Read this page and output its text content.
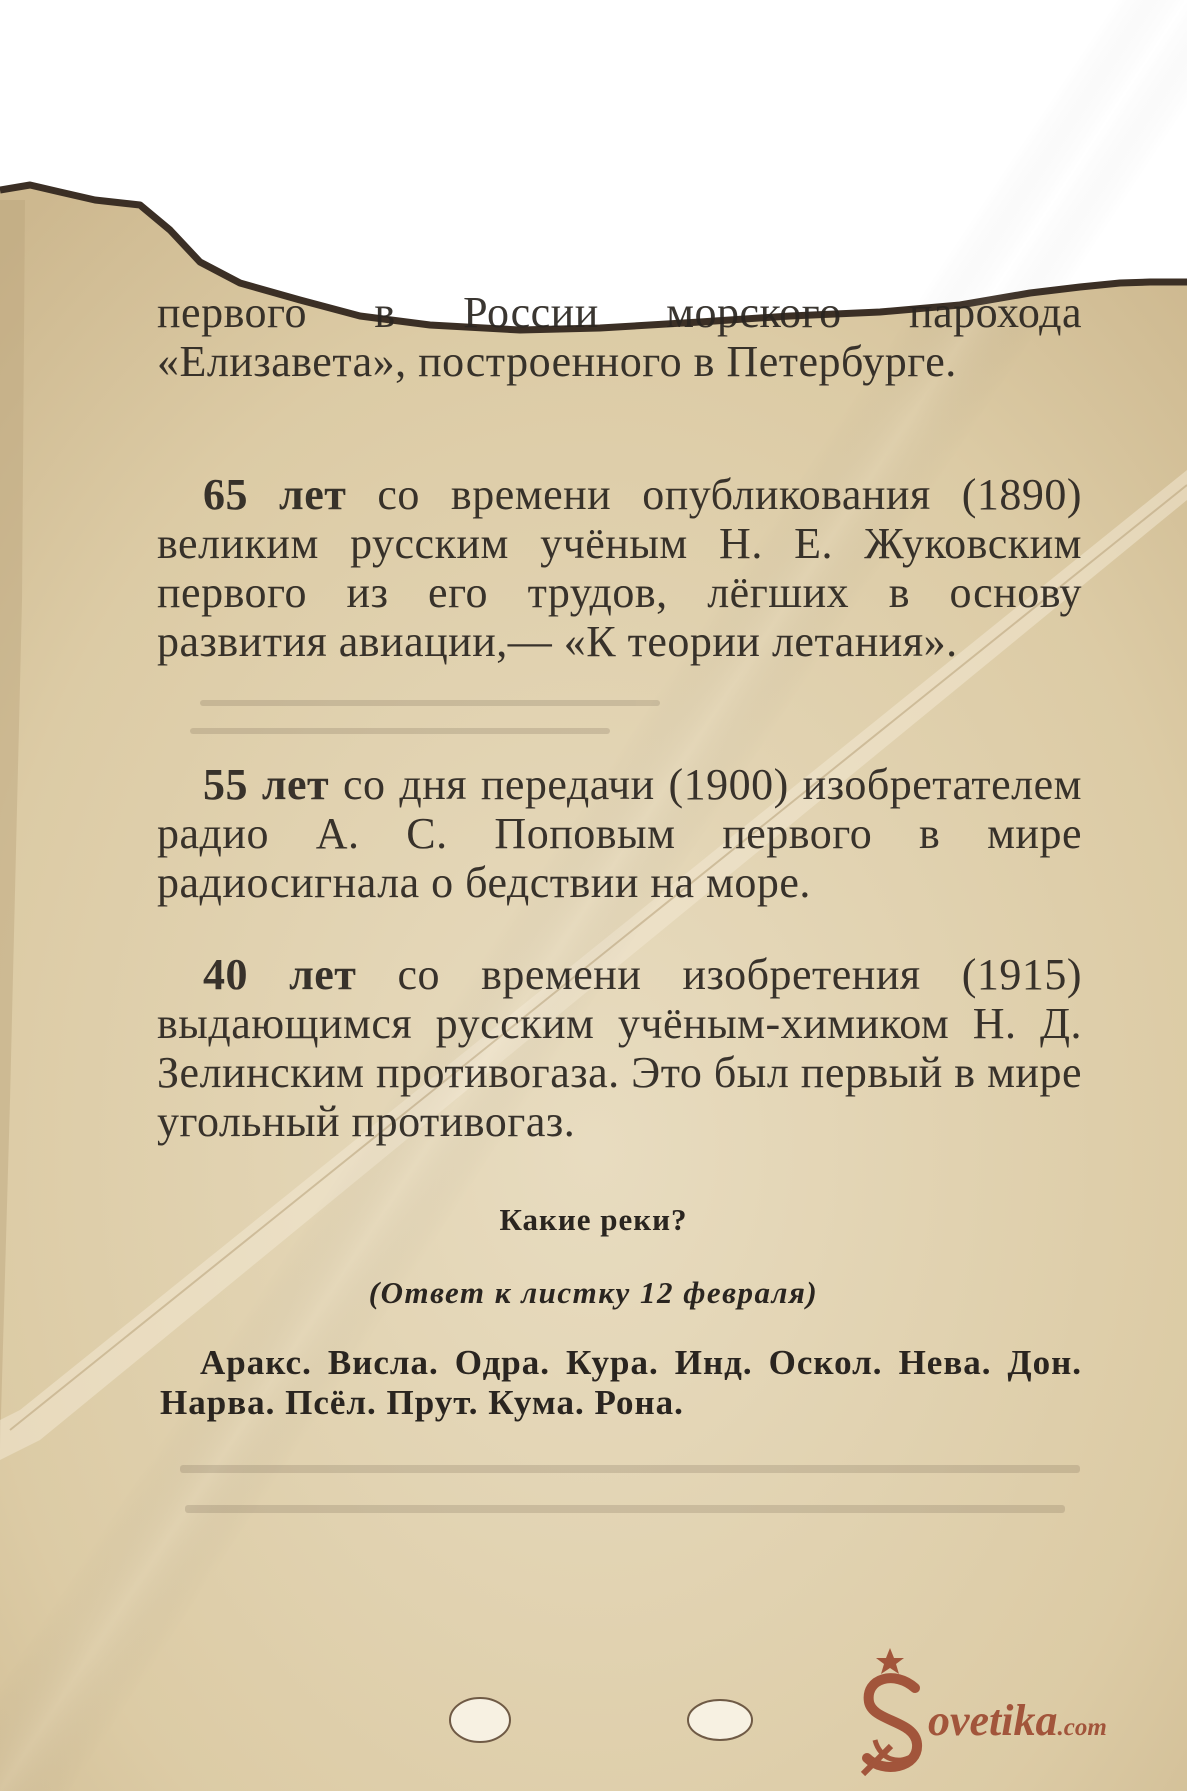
первого в России морского парохода «Елизавета», построенного в Петербурге.
65 лет со времени опубликования (1890) великим русским учёным Н. Е. Жуковским первого из его трудов, лёгших в основу развития авиации,— «К теории летания».
55 лет со дня передачи (1900) изобретателем радио А. С. Поповым первого в мире радиосигнала о бедствии на море.
40 лет со времени изобретения (1915) выдающимся русским учёным-химиком Н. Д. Зелинским противогаза. Это был первый в мире угольный противогаз.
Какие реки?
(Ответ к листку 12 февраля)
Аракс. Висла. Одра. Кура. Инд. Оскол. Нева. Дон. Нарва. Псёл. Прут. Кума. Рона.
ovetika.com
